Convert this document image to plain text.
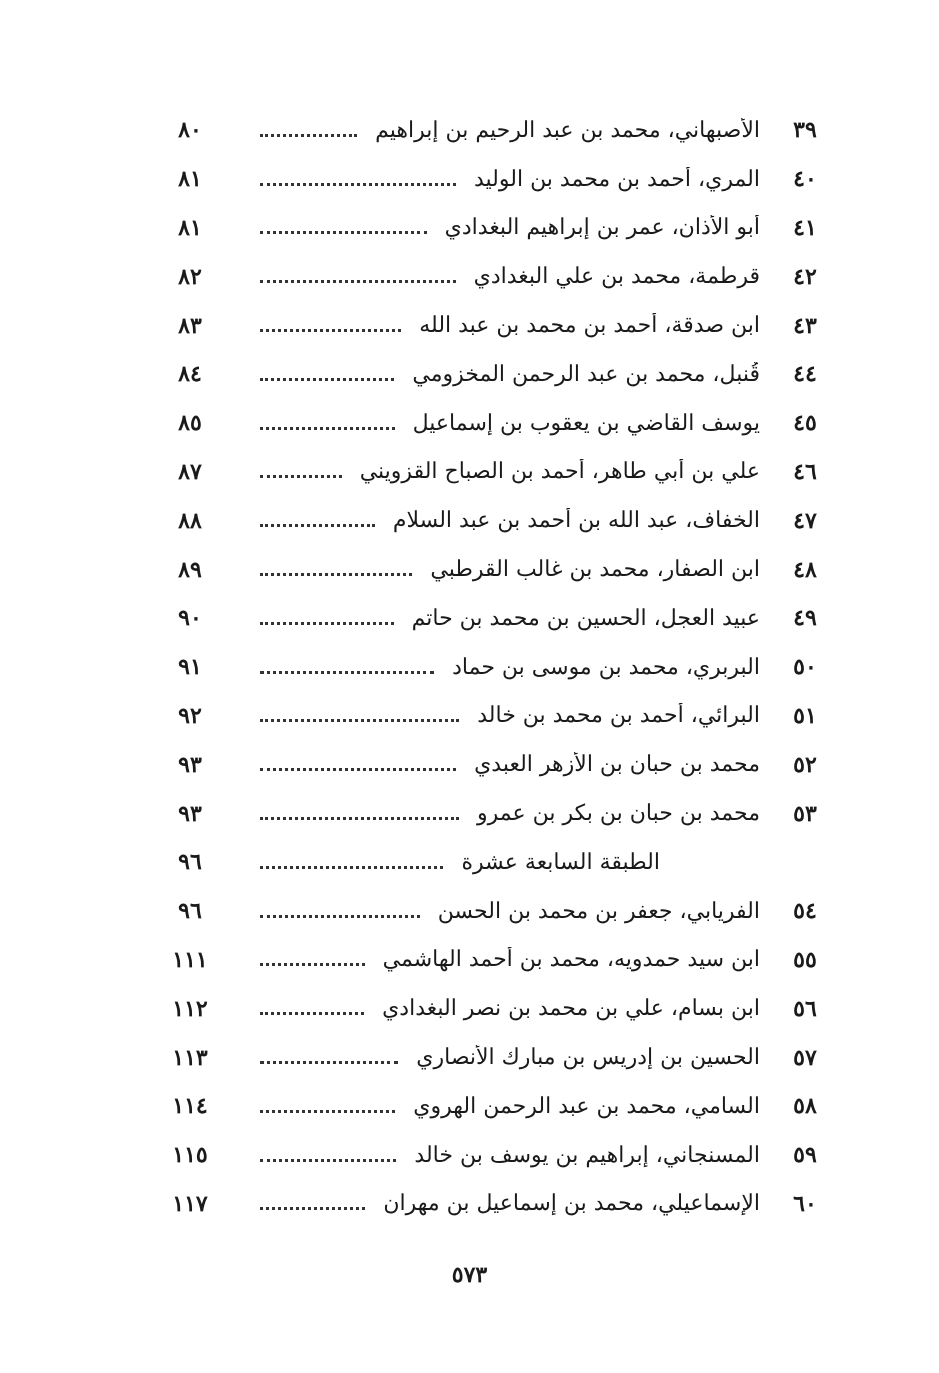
٣٩
الأصبهاني، محمد بن عبد الرحيم بن إبراهيم
٨٠
٤٠
المري، أحمد بن محمد بن الوليد
٨١
٤١
أبو الأذان، عمر بن إبراهيم البغدادي
٨١
٤٢
قرطمة، محمد بن علي البغدادي
٨٢
٤٣
ابن صدقة، أحمد بن محمد بن عبد الله
٨٣
٤٤
قُنبل، محمد بن عبد الرحمن المخزومي
٨٤
٤٥
يوسف القاضي بن يعقوب بن إسماعيل
٨٥
٤٦
علي بن أبي طاهر، أحمد بن الصباح القزويني
٨٧
٤٧
الخفاف، عبد الله بن أحمد بن عبد السلام
٨٨
٤٨
ابن الصفار، محمد بن غالب القرطبي
٨٩
٤٩
عبيد العجل، الحسين بن محمد بن حاتم
٩٠
٥٠
البربري، محمد بن موسى بن حماد
٩١
٥١
البرائي، أحمد بن محمد بن خالد
٩٢
٥٢
محمد بن حبان بن الأزهر العبدي
٩٣
٥٣
محمد بن حبان بن بكر بن عمرو
٩٣
الطبقة السابعة عشرة
٩٦
٥٤
الفريابي، جعفر بن محمد بن الحسن
٩٦
٥٥
ابن سيد حمدويه، محمد بن أحمد الهاشمي
١١١
٥٦
ابن بسام، علي بن محمد بن نصر البغدادي
١١٢
٥٧
الحسين بن إدريس بن مبارك الأنصاري
١١٣
٥٨
السامي، محمد بن عبد الرحمن الهروي
١١٤
٥٩
المسنجاني، إبراهيم بن يوسف بن خالد
١١٥
٦٠
الإسماعيلي، محمد بن إسماعيل بن مهران
١١٧
٥٧٣
